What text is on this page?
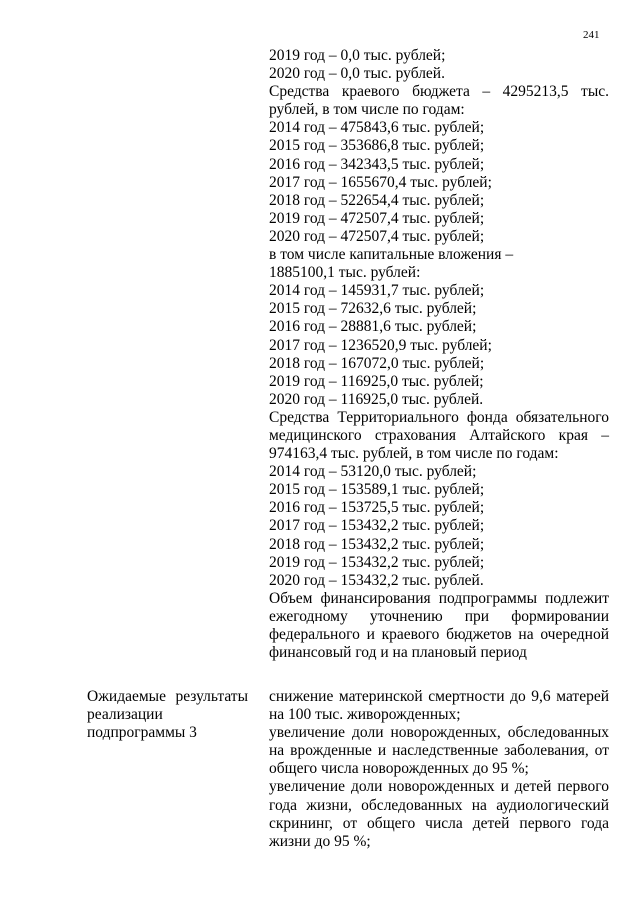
241
2019 год – 0,0 тыс. рублей;
2020 год – 0,0 тыс. рублей.
Средства краевого бюджета – 4295213,5 тыс. рублей, в том числе по годам:
2014 год – 475843,6 тыс. рублей;
2015 год – 353686,8 тыс. рублей;
2016 год – 342343,5 тыс. рублей;
2017 год – 1655670,4 тыс. рублей;
2018 год – 522654,4 тыс. рублей;
2019 год – 472507,4 тыс. рублей;
2020 год – 472507,4 тыс. рублей;
в том числе капитальные вложения –
1885100,1 тыс. рублей:
2014 год – 145931,7 тыс. рублей;
2015 год – 72632,6 тыс. рублей;
2016 год – 28881,6 тыс. рублей;
2017 год – 1236520,9 тыс. рублей;
2018 год – 167072,0 тыс. рублей;
2019 год – 116925,0 тыс. рублей;
2020 год – 116925,0 тыс. рублей.
Средства Территориального фонда обязательного медицинского страхования Алтайского края – 974163,4 тыс. рублей, в том числе по годам:
2014 год – 53120,0 тыс. рублей;
2015 год – 153589,1 тыс. рублей;
2016 год – 153725,5 тыс. рублей;
2017 год – 153432,2 тыс. рублей;
2018 год – 153432,2 тыс. рублей;
2019 год – 153432,2 тыс. рублей;
2020 год – 153432,2 тыс. рублей.
Объем финансирования подпрограммы подлежит ежегодному уточнению при формировании федерального и краевого бюджетов на очередной финансовый год и на плановый период
Ожидаемые результаты реализации подпрограммы 3
снижение материнской смертности до 9,6 матерей на 100 тыс. живорожденных;
увеличение доли новорожденных, обследованных на врожденные и наследственные заболевания, от общего числа новорожденных до 95 %;
увеличение доли новорожденных и детей первого года жизни, обследованных на аудиологический скрининг, от общего числа детей первого года жизни до 95 %;
